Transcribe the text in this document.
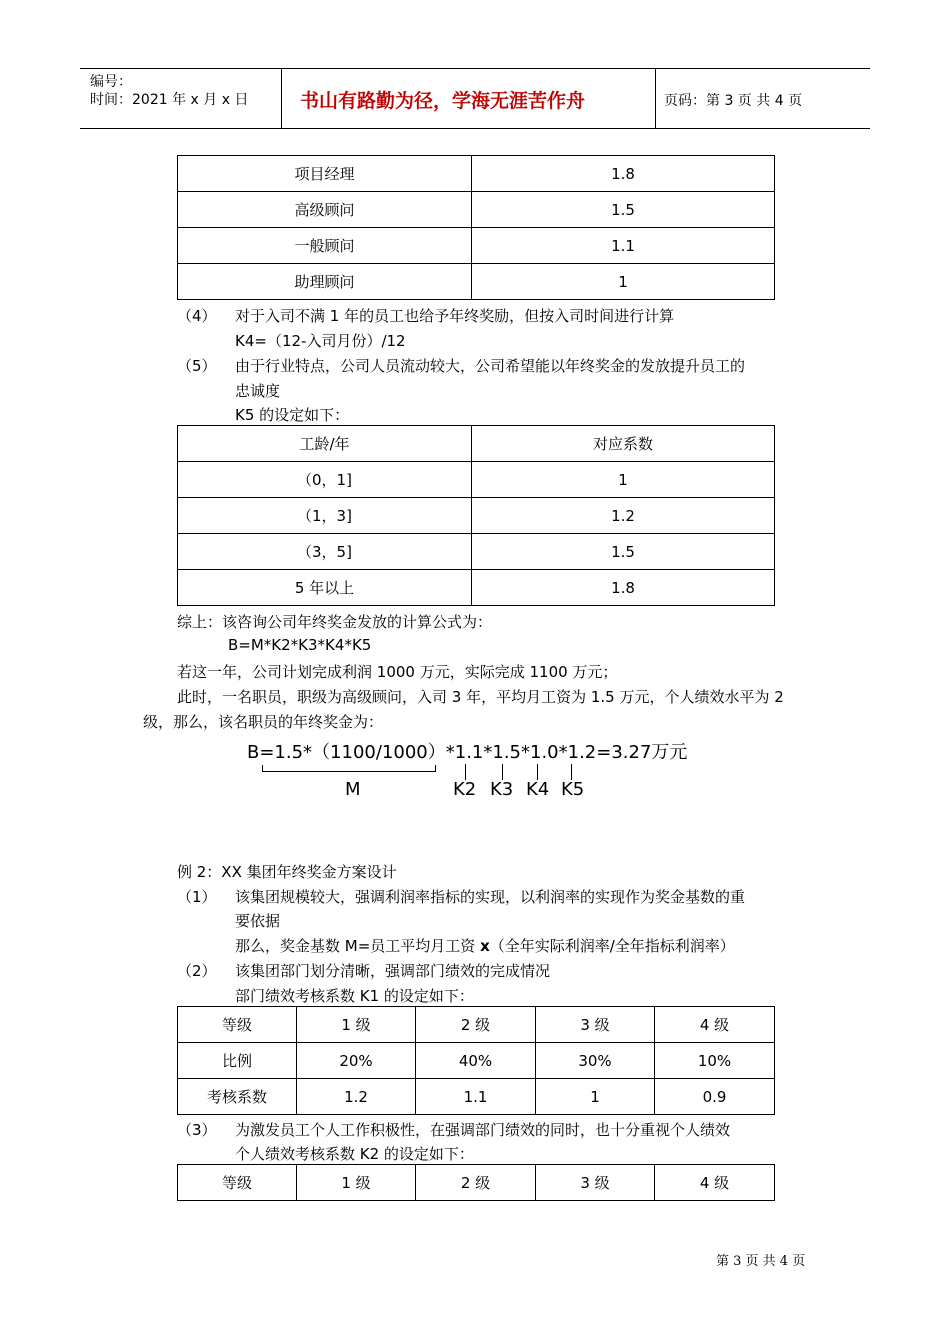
编号：
时间：2021 年 x 月 x 日	书山有路勤为径，学海无涯苦作舟	页码：第 3 页 共 4 页
项目经理	1.8
高级顾问	1.5
一般顾问	1.1
助理顾问	1
（4） 对于入司不满 1 年的员工也给予年终奖励，但按入司时间进行计算
K4=（12-入司月份）/12
（5） 由于行业特点，公司人员流动较大，公司希望能以年终奖金的发放提升员工的
忠诚度
K5 的设定如下：
工龄/年	对应系数
（0，1]	1
（1，3]	1.2
（3，5]	1.5
5 年以上	1.8
综上：该咨询公司年终奖金发放的计算公式为：
B=M*K2*K3*K4*K5
若这一年，公司计划完成利润 1000 万元，实际完成 1100 万元；
此时，一名职员，职级为高级顾问，入司 3 年，平均月工资为 1.5 万元，个人绩效水平为 2
级，那么，该名职员的年终奖金为：
B=1.5*（1100/1000）*1.1*1.5*1.0*1.2=3.27万元
M	K2 K3 K4 K5
例 2：XX 集团年终奖金方案设计
（1） 该集团规模较大，强调利润率指标的实现，以利润率的实现作为奖金基数的重
要依据
那么，奖金基数 M=员工平均月工资 x（全年实际利润率/全年指标利润率）
（2） 该集团部门划分清晰，强调部门绩效的完成情况
部门绩效考核系数 K1 的设定如下：
等级	1 级	2 级	3 级	4 级
比例	20%	40%	30%	10%
考核系数	1.2	1.1	1	0.9
（3） 为激发员工个人工作积极性，在强调部门绩效的同时，也十分重视个人绩效
个人绩效考核系数 K2 的设定如下：
等级	1 级	2 级	3 级	4 级
第 3 页 共 4 页
